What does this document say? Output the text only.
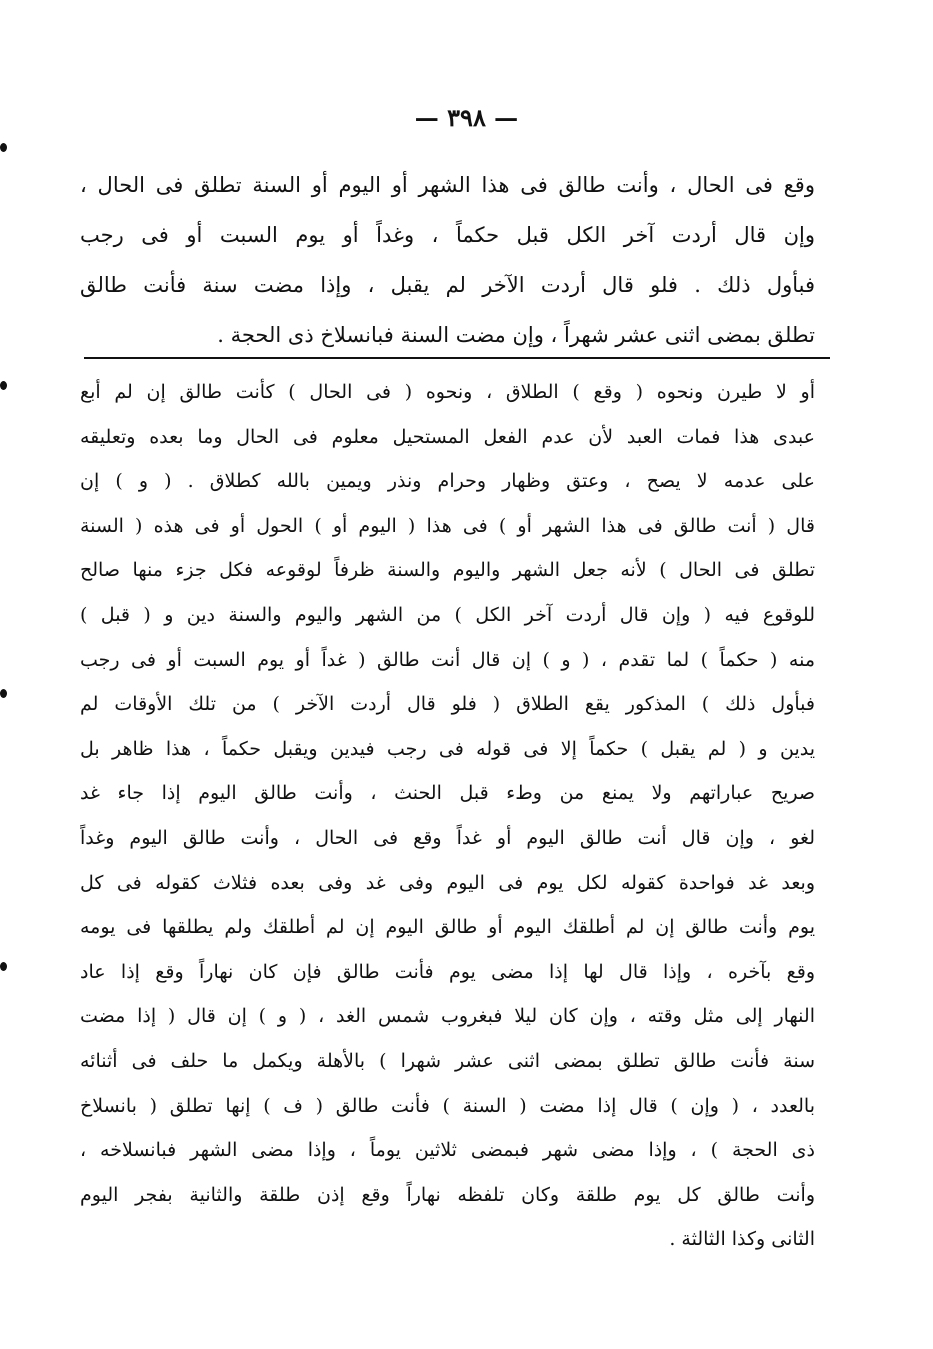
— ٣٩٨ —
وقع فى الحال ، وأنت طالق فى هذا الشهر أو اليوم أو السنة تطلق فى الحال ،
وإن قال أردت آخر الكل قبل حكماً ، وغداً أو يوم السبت أو فى رجب
فبأول ذلك . فلو قال أردت الآخر لم يقبل ، وإذا مضت سنة فأنت طالق
تطلق بمضى اثنى عشر شهراً ، وإن مضت السنة فبانسلاخ ذى الحجة .
أو لا طيرن ونحوه ( وقع ) الطلاق ، ونحوه ( فى الحال ) كأنت طالق إن لم أبع
عبدى هذا فمات العبد لأن عدم الفعل المستحيل معلوم فى الحال وما بعده وتعليقه
على عدمه لا يصح ، وعتق وظهار وحرام ونذر ويمين بالله كطلاق . ( و ) إن
قال ( أنت طالق فى هذا الشهر أو ) فى هذا ( اليوم أو ) الحول أو فى هذه ( السنة
تطلق فى الحال ) لأنه جعل الشهر واليوم والسنة ظرفاً لوقوعه فكل جزء منها صالح
للوقوع فيه ( وإن قال أردت آخر الكل ) من الشهر واليوم والسنة دين و ( قبل )
منه ( حكماً ) لما تقدم ، ( و ) إن قال أنت طالق ( غداً أو يوم السبت أو فى رجب
فبأول ذلك ) المذكور يقع الطلاق ( فلو قال أردت الآخر ) من تلك الأوقات لم
يدين و ( لم يقبل ) حكماً إلا فى قوله فى رجب فيدين ويقبل حكماً ، هذا ظاهر بل
صريح عباراتهم ولا يمنع من وطء قبل الحنث ، وأنت طالق اليوم إذا جاء غد
لغو ، وإن قال أنت طالق اليوم أو غداً وقع فى الحال ، وأنت طالق اليوم وغداً
وبعد غد فواحدة كقوله لكل يوم فى اليوم وفى غد وفى بعده فثلاث كقوله فى كل
يوم وأنت طالق إن لم أطلقك اليوم أو طالق اليوم إن لم أطلقك ولم يطلقها فى يومه
وقع بآخره ، وإذا قال لها إذا مضى يوم فأنت طالق فإن كان نهاراً وقع إذا عاد
النهار إلى مثل وقته ، وإن كان ليلا فبغروب شمس الغد ، ( و ) إن قال ( إذا مضت
سنة فأنت طالق تطلق بمضى اثنى عشر شهرا ) بالأهلة ويكمل ما حلف فى أثنائه
بالعدد ، ( وإن ) قال إذا مضت ( السنة ) فأنت طالق ( ف ) إنها تطلق ( بانسلاخ
ذى الحجة ) ، وإذا مضى شهر فبمضى ثلاثين يوماً ، وإذا مضى الشهر فبانسلاخه ،
وأنت طالق كل يوم طلقة وكان تلفظه نهاراً وقع إذن طلقة والثانية بفجر اليوم
الثانى وكذا الثالثة .
